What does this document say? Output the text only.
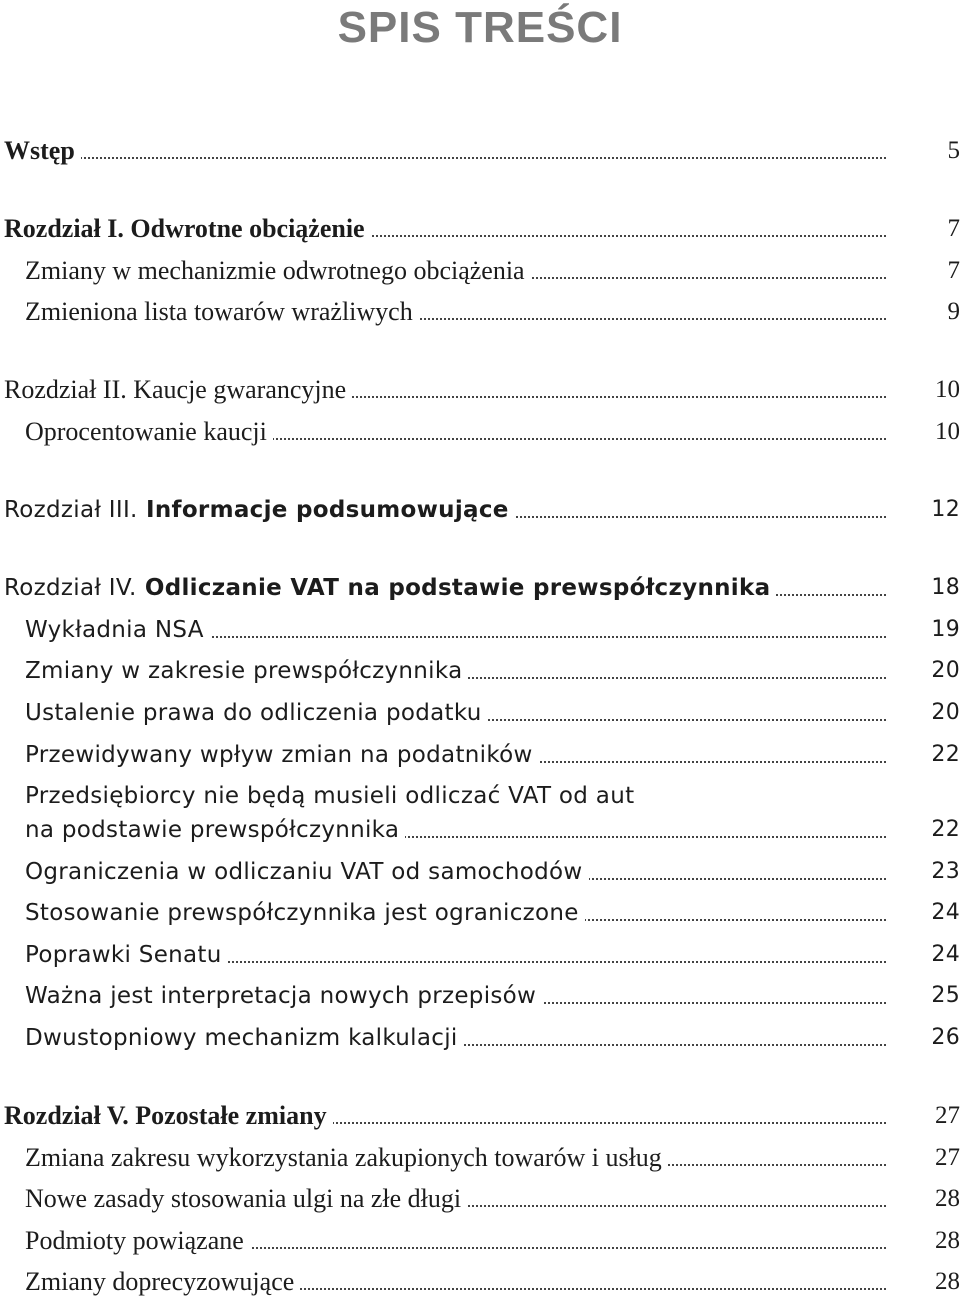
SPIS TREŚCI
Wstęp	5
Rozdział I. Odwrotne obciążenie	7
Zmiany w mechanizmie odwrotnego obciążenia	7
Zmieniona lista towarów wrażliwych	9
Rozdział II. Kaucje gwarancyjne	10
Oprocentowanie kaucji	10
Rozdział III. Informacje podsumowujące	12
Rozdział IV. Odliczanie VAT na podstawie prewspółczynnika	18
Wykładnia NSA	19
Zmiany w zakresie prewspółczynnika	20
Ustalenie prawa do odliczenia podatku	20
Przewidywany wpływ zmian na podatników	22
Przedsiębiorcy nie będą musieli odliczać VAT od aut
na podstawie prewspółczynnika	22
Ograniczenia w odliczaniu VAT od samochodów	23
Stosowanie prewspółczynnika jest ograniczone	24
Poprawki Senatu	24
Ważna jest interpretacja nowych przepisów	25
Dwustopniowy mechanizm kalkulacji	26
Rozdział V. Pozostałe zmiany	27
Zmiana zakresu wykorzystania zakupionych towarów i usług	27
Nowe zasady stosowania ulgi na złe długi	28
Podmioty powiązane	28
Zmiany doprecyzowujące	28
